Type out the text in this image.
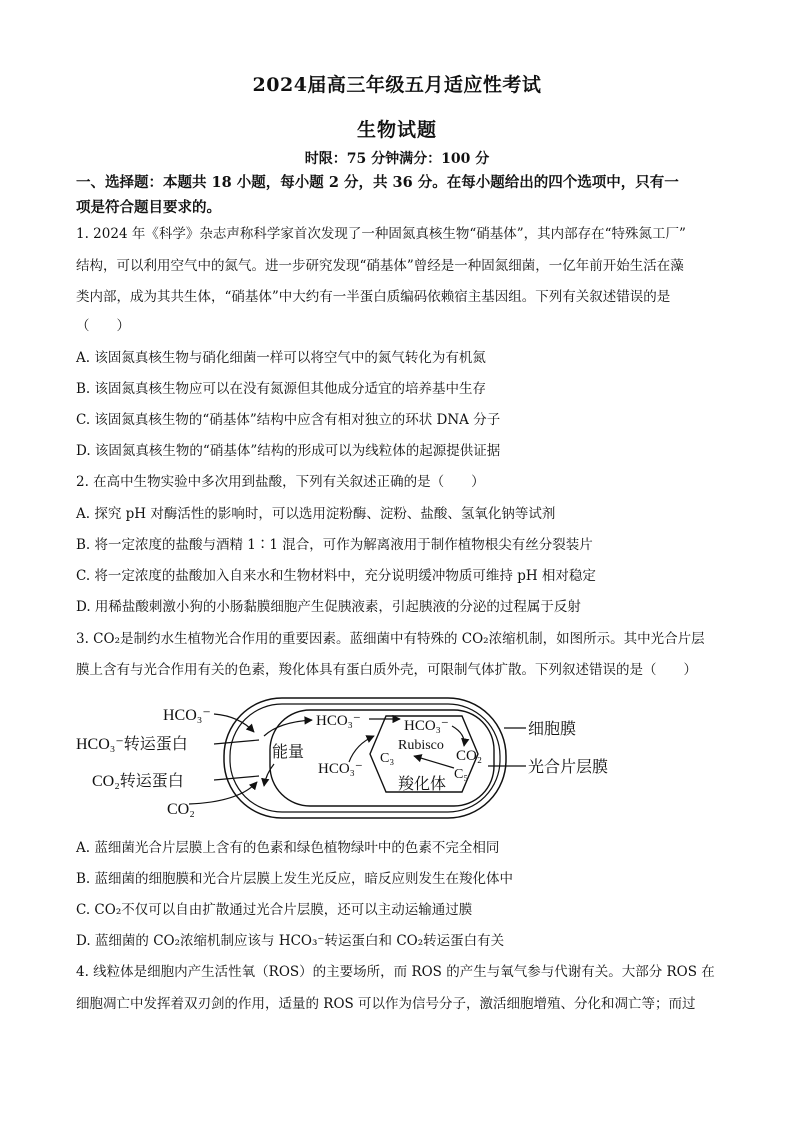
2024届高三年级五月适应性考试
生物试题
时限：75 分钟满分：100 分
一、选择题：本题共 18 小题，每小题 2 分，共 36 分。在每小题给出的四个选项中，只有一
项是符合题目要求的。
1. 2024 年《科学》杂志声称科学家首次发现了一种固氮真核生物“硝基体”，其内部存在“特殊氮工厂”
结构，可以利用空气中的氮气。进一步研究发现“硝基体”曾经是一种固氮细菌，一亿年前开始生活在藻
类内部，成为其共生体，“硝基体”中大约有一半蛋白质编码依赖宿主基因组。下列有关叙述错误的是
（　　）
A. 该固氮真核生物与硝化细菌一样可以将空气中的氮气转化为有机氮
B. 该固氮真核生物应可以在没有氮源但其他成分适宜的培养基中生存
C. 该固氮真核生物的“硝基体”结构中应含有相对独立的环状 DNA 分子
D. 该固氮真核生物的“硝基体”结构的形成可以为线粒体的起源提供证据
2. 在高中生物实验中多次用到盐酸，下列有关叙述正确的是（　　）
A. 探究 pH 对酶活性的影响时，可以选用淀粉酶、淀粉、盐酸、氢氧化钠等试剂
B. 将一定浓度的盐酸与酒精 1∶1 混合，可作为解离液用于制作植物根尖有丝分裂装片
C. 将一定浓度的盐酸加入自来水和生物材料中，充分说明缓冲物质可维持 pH 相对稳定
D. 用稀盐酸刺激小狗的小肠黏膜细胞产生促胰液素，引起胰液的分泌的过程属于反射
3. CO₂是制约水生植物光合作用的重要因素。蓝细菌中有特殊的 CO₂浓缩机制，如图所示。其中光合片层
膜上含有与光合作用有关的色素，羧化体具有蛋白质外壳，可限制气体扩散。下列叙述错误的是（　　）
HCO₃⁻
HCO₃⁻转运蛋白
CO₂转运蛋白
CO₂
能量
HCO₃⁻
HCO₃⁻
HCO₃⁻
Rubisco
CO₂
C₃
C₅
羧化体
细胞膜
光合片层膜
A. 蓝细菌光合片层膜上含有的色素和绿色植物绿叶中的色素不完全相同
B. 蓝细菌的细胞膜和光合片层膜上发生光反应，暗反应则发生在羧化体中
C. CO₂不仅可以自由扩散通过光合片层膜，还可以主动运输通过膜
D. 蓝细菌的 CO₂浓缩机制应该与 HCO₃⁻转运蛋白和 CO₂转运蛋白有关
4. 线粒体是细胞内产生活性氧（ROS）的主要场所，而 ROS 的产生与氧气参与代谢有关。大部分 ROS 在
细胞凋亡中发挥着双刃剑的作用，适量的 ROS 可以作为信号分子，激活细胞增殖、分化和凋亡等；而过
